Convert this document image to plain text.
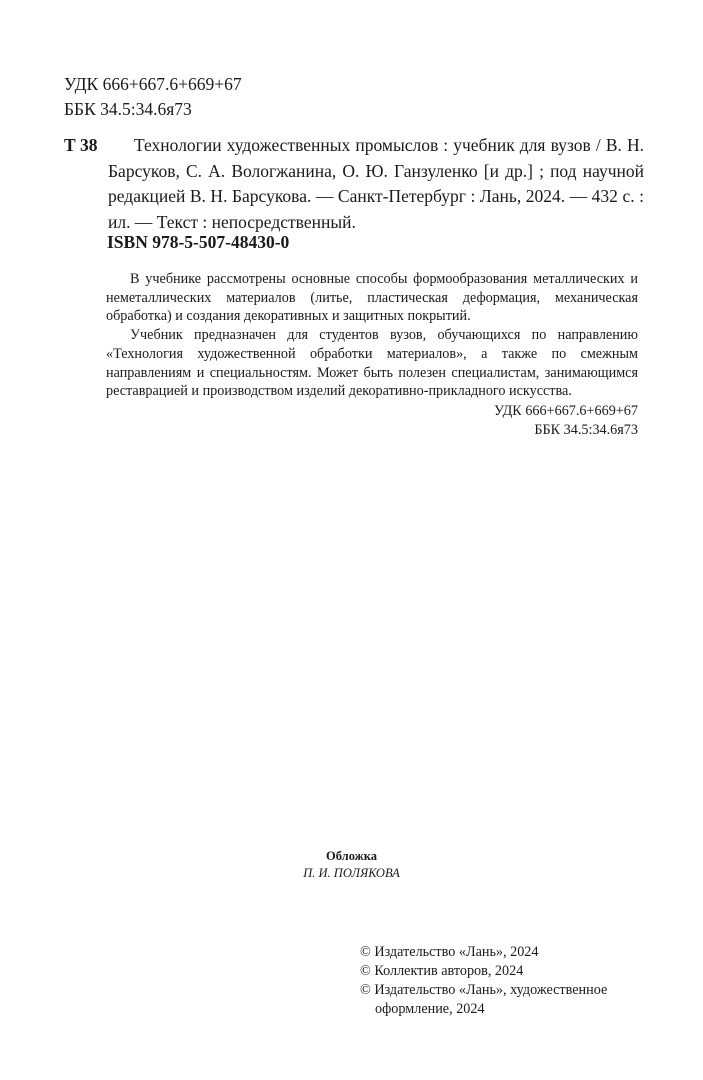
УДК 666+667.6+669+67
ББК 34.5:34.6я73
Т 38	Технологии художественных промыслов : учебник для вузов / В. Н. Барсуков, С. А. Вологжанина, О. Ю. Ганзуленко [и др.] ; под научной редакцией В. Н. Барсукова. — Санкт-Петербург : Лань, 2024. — 432 с. : ил. — Текст : непосредственный.
ISBN 978-5-507-48430-0

В учебнике рассмотрены основные способы формообразования металлических и неметаллических материалов (литье, пластическая деформация, механическая обработка) и создания декоративных и защитных покрытий.

Учебник предназначен для студентов вузов, обучающихся по направлению «Технология художественной обработки материалов», а также по смежным направлениям и специальностям. Может быть полезен специалистам, занимающимся реставрацией и производством изделий декоративно-прикладного искусства.

УДК 666+667.6+669+67
ББК 34.5:34.6я73
Обложка
П. И. ПОЛЯКОВА
© Издательство «Лань», 2024
© Коллектив авторов, 2024
© Издательство «Лань», художественное
оформление, 2024
